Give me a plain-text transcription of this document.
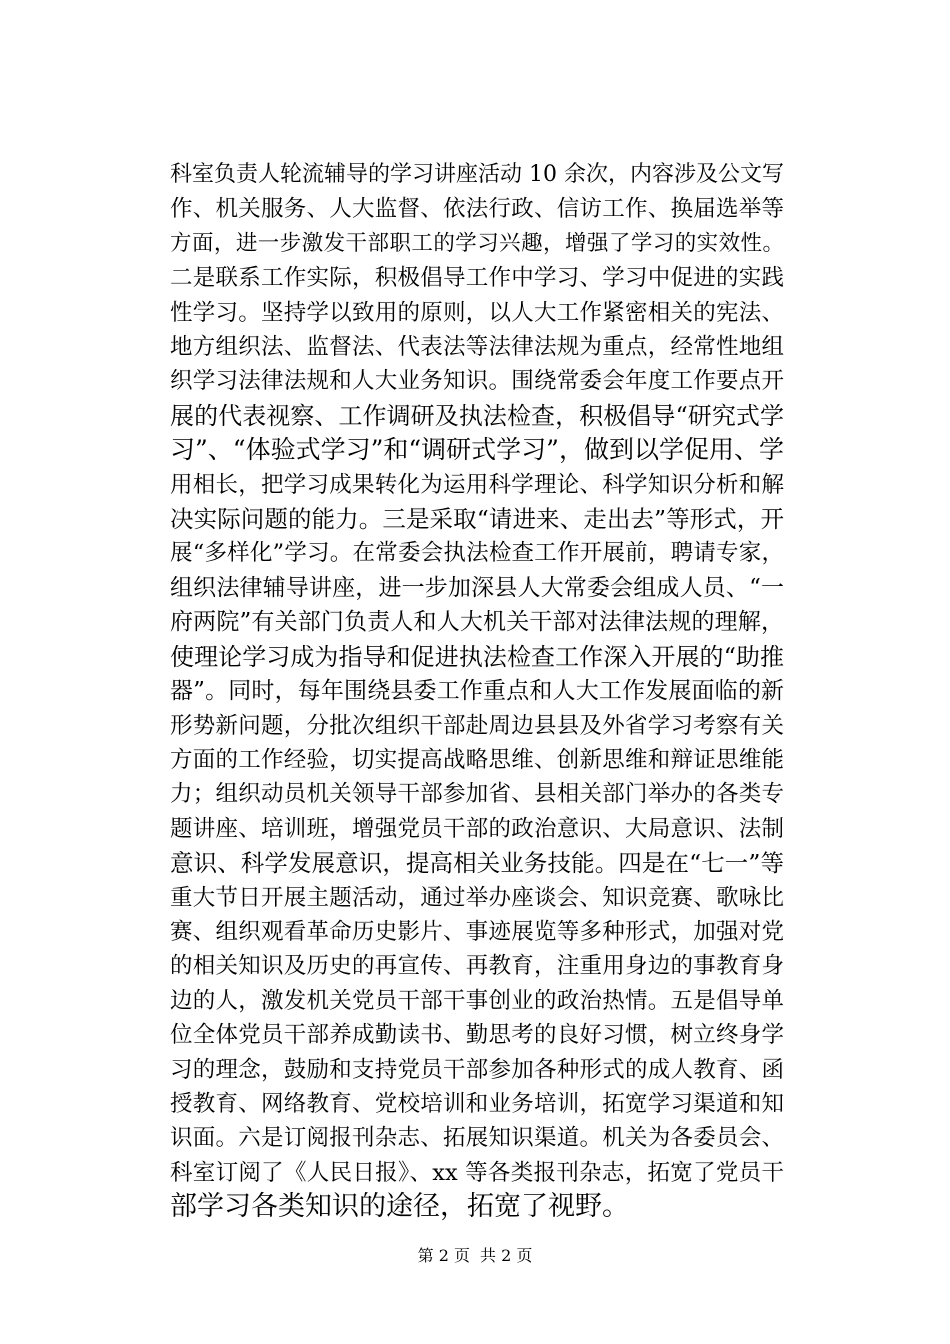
科室负责人轮流辅导的学习讲座活动 10 余次，内容涉及公文写
作、机关服务、人大监督、依法行政、信访工作、换届选举等
方面，进一步激发干部职工的学习兴趣，增强了学习的实效性。
二是联系工作实际，积极倡导工作中学习、学习中促进的实践
性学习。坚持学以致用的原则，以人大工作紧密相关的宪法、
地方组织法、监督法、代表法等法律法规为重点，经常性地组
织学习法律法规和人大业务知识。围绕常委会年度工作要点开
展的代表视察、工作调研及执法检查，积极倡导“研究式学
习”、“体验式学习”和“调研式学习”，做到以学促用、学
用相长，把学习成果转化为运用科学理论、科学知识分析和解
决实际问题的能力。三是采取“请进来、走出去”等形式，开
展“多样化”学习。在常委会执法检查工作开展前，聘请专家，
组织法律辅导讲座，进一步加深县人大常委会组成人员、“一
府两院”有关部门负责人和人大机关干部对法律法规的理解，
使理论学习成为指导和促进执法检查工作深入开展的“助推
器”。同时，每年围绕县委工作重点和人大工作发展面临的新
形势新问题，分批次组织干部赴周边县县及外省学习考察有关
方面的工作经验，切实提高战略思维、创新思维和辩证思维能
力；组织动员机关领导干部参加省、县相关部门举办的各类专
题讲座、培训班，增强党员干部的政治意识、大局意识、法制
意识、科学发展意识，提高相关业务技能。四是在“七一”等
重大节日开展主题活动，通过举办座谈会、知识竞赛、歌咏比
赛、组织观看革命历史影片、事迹展览等多种形式，加强对党
的相关知识及历史的再宣传、再教育，注重用身边的事教育身
边的人，激发机关党员干部干事创业的政治热情。五是倡导单
位全体党员干部养成勤读书、勤思考的良好习惯，树立终身学
习的理念，鼓励和支持党员干部参加各种形式的成人教育、函
授教育、网络教育、党校培训和业务培训，拓宽学习渠道和知
识面。六是订阅报刊杂志、拓展知识渠道。机关为各委员会、
科室订阅了《人民日报》、xx 等各类报刊杂志，拓宽了党员干
部学习各类知识的途径，拓宽了视野。
第 2 页 共 2 页
